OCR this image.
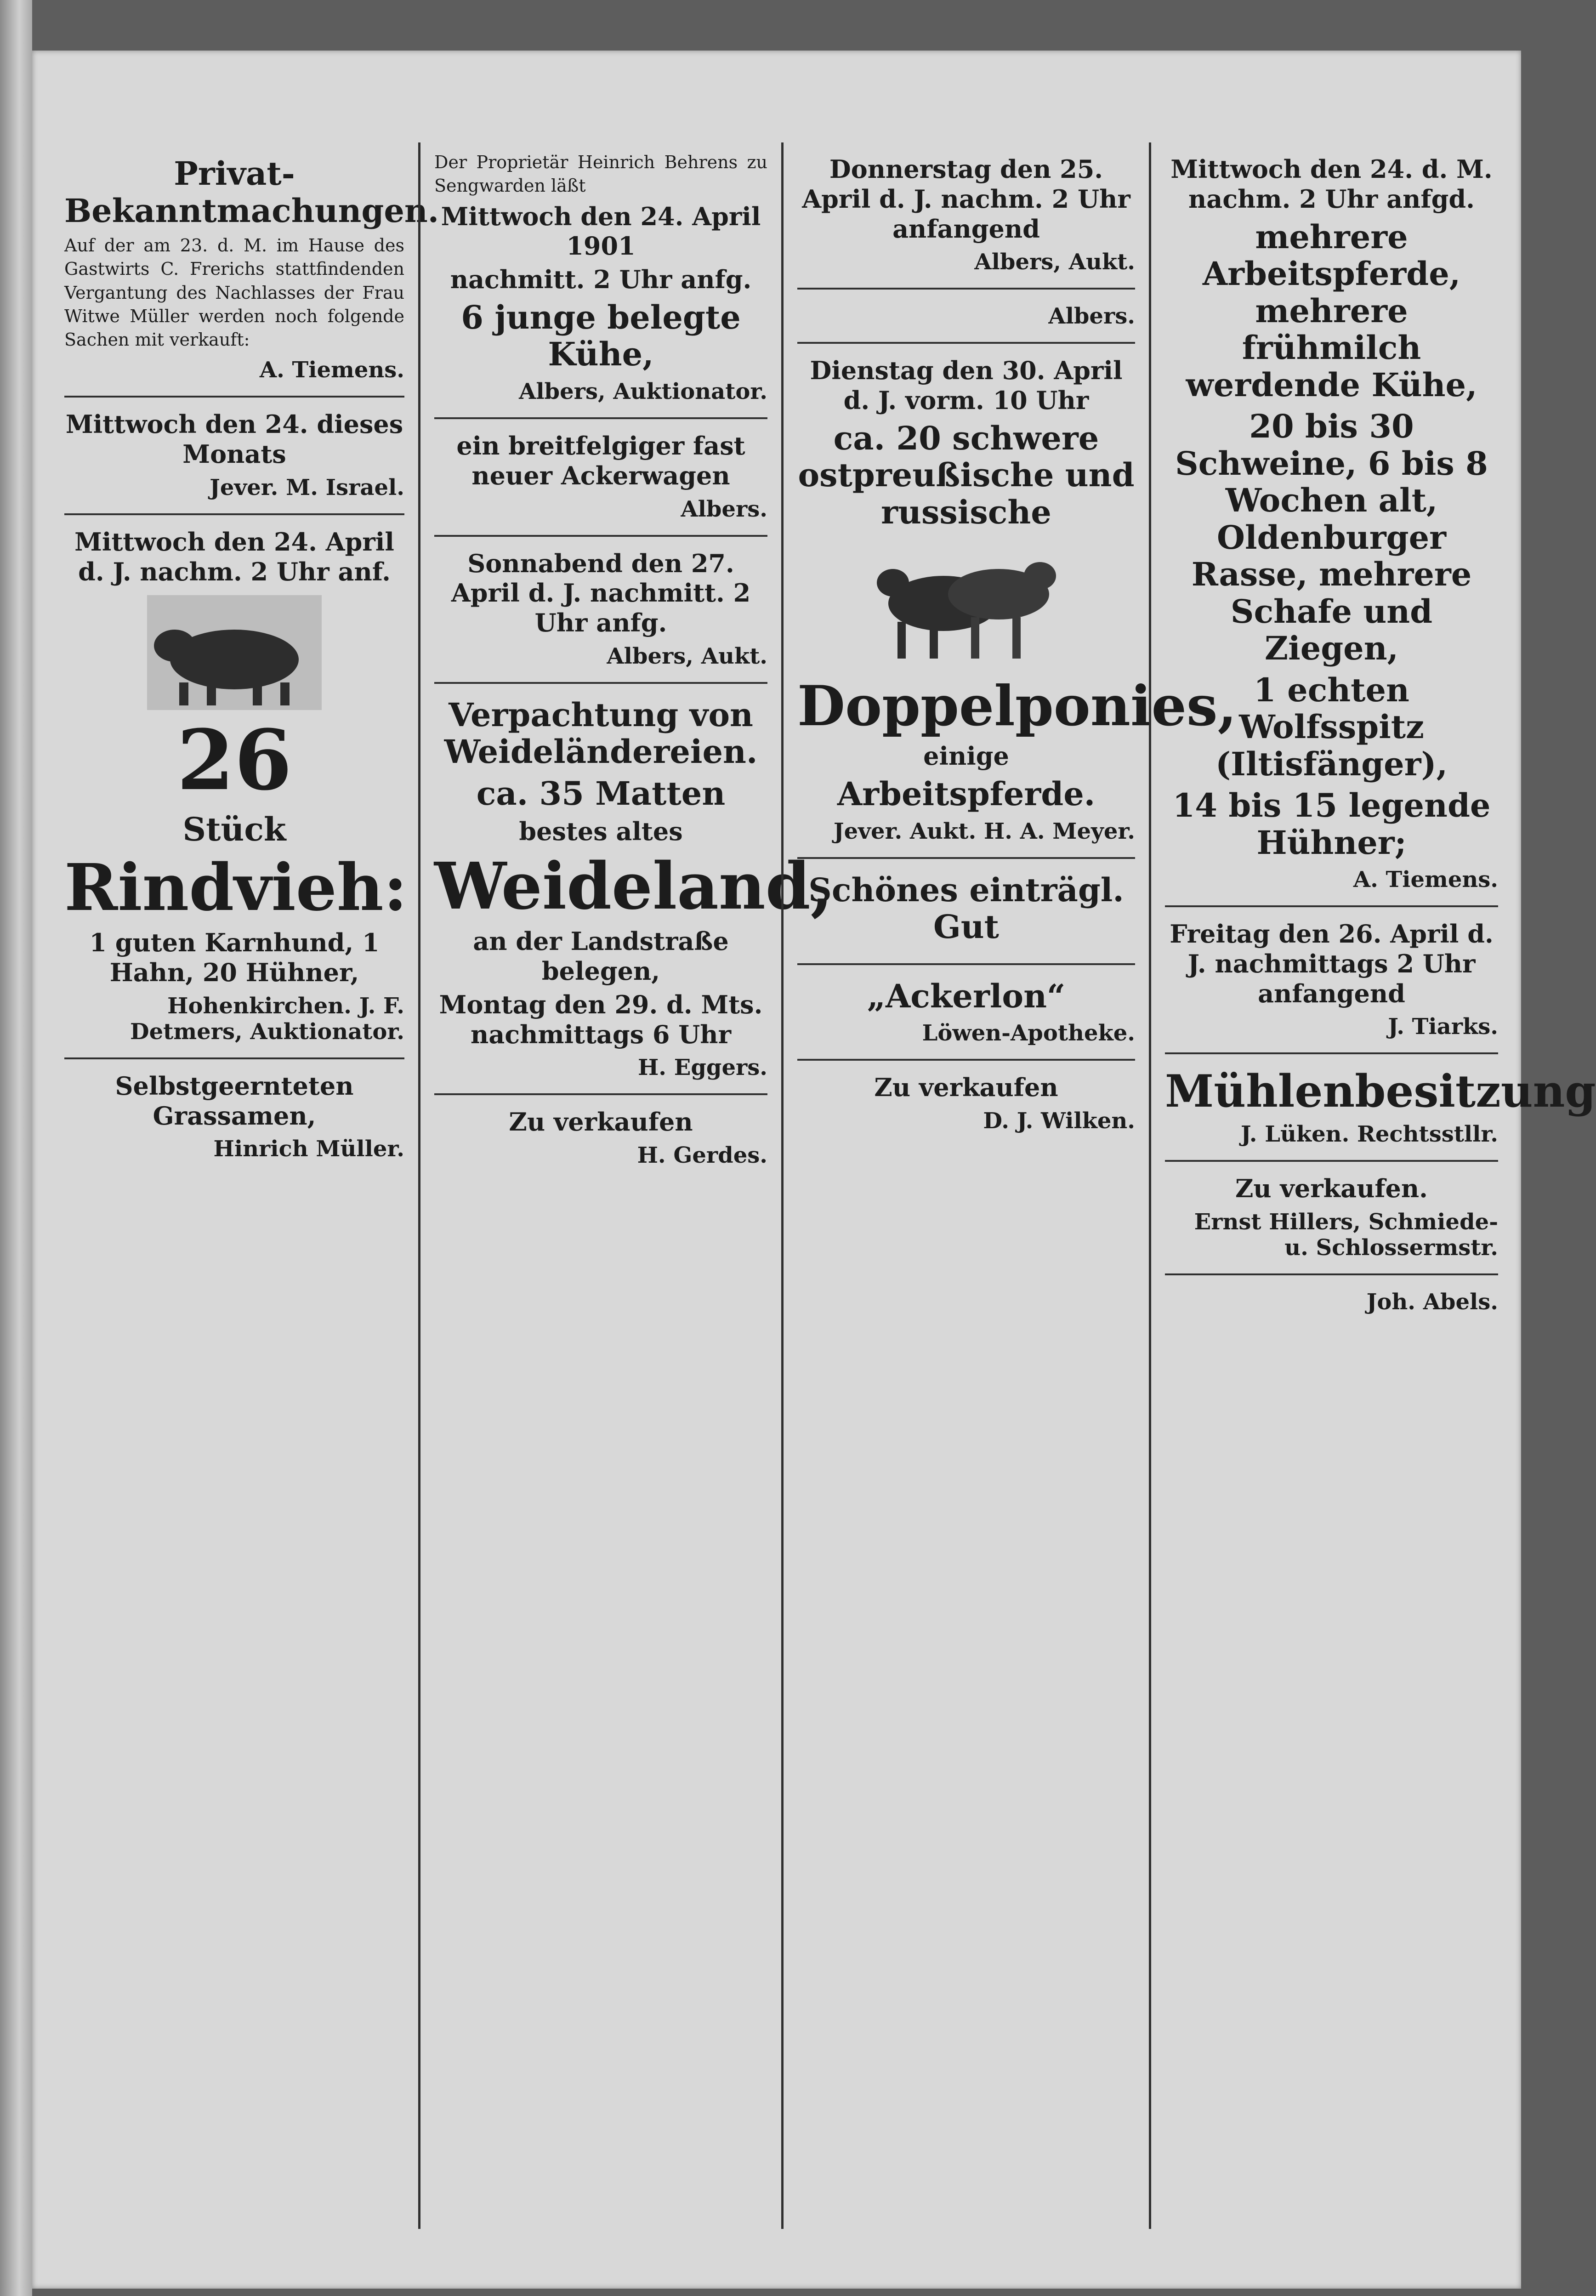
Privat-Bekanntmachungen.
Auf der am 23. d. M. im Hause des Gastwirts C. Frerichs stattfindenden Vergantung des Nachlasses der Frau Witwe Müller werden noch folgende Sachen mit verkauft:
A. Tiemens.
Mittwoch den 24. dieses Monats
Jever. M. Israel.
Mittwoch den 24. April d. J. nachm. 2 Uhr anf.
26
Stück
Rindvieh:
1 guten Karnhund, 1 Hahn, 20 Hühner,
Hohenkirchen. J. F. Detmers, Auktionator.
Selbstgeernteten Grassamen,
Hinrich Müller.
Der Proprietär Heinrich Behrens zu Sengwarden läßt
Mittwoch den 24. April 1901
nachmitt. 2 Uhr anfg.
6 junge belegte Kühe,
Albers, Auktionator.
ein breitfelgiger fast neuer Ackerwagen
Albers.
Sonnabend den 27. April d. J. nachmitt. 2 Uhr anfg.
Albers, Aukt.
Verpachtung von Weideländereien.
ca. 35 Matten
bestes altes
Weideland,
an der Landstraße belegen,
Montag den 29. d. Mts. nachmittags 6 Uhr
H. Eggers.
Zu verkaufen
H. Gerdes.
Donnerstag den 25. April d. J. nachm. 2 Uhr anfangend
Albers, Aukt.
Albers.
Dienstag den 30. April d. J. vorm. 10 Uhr
ca. 20 schwere ostpreußische und russische
Doppelponies,
einige
Arbeitspferde.
Jever. Aukt. H. A. Meyer.
Schönes einträgl. Gut
„Ackerlon“
Löwen-Apotheke.
Zu verkaufen
D. J. Wilken.
Mittwoch den 24. d. M. nachm. 2 Uhr anfgd.
mehrere Arbeitspferde, mehrere frühmilch werdende Kühe,
20 bis 30 Schweine, 6 bis 8 Wochen alt, Oldenburger Rasse, mehrere Schafe und Ziegen,
1 echten Wolfsspitz (Iltisfänger),
14 bis 15 legende Hühner;
A. Tiemens.
Freitag den 26. April d. J. nachmittags 2 Uhr anfangend
J. Tiarks.
Mühlenbesitzung
J. Lüken. Rechtsstllr.
Zu verkaufen.
Ernst Hillers, Schmiede- u. Schlossermstr.
Joh. Abels.
